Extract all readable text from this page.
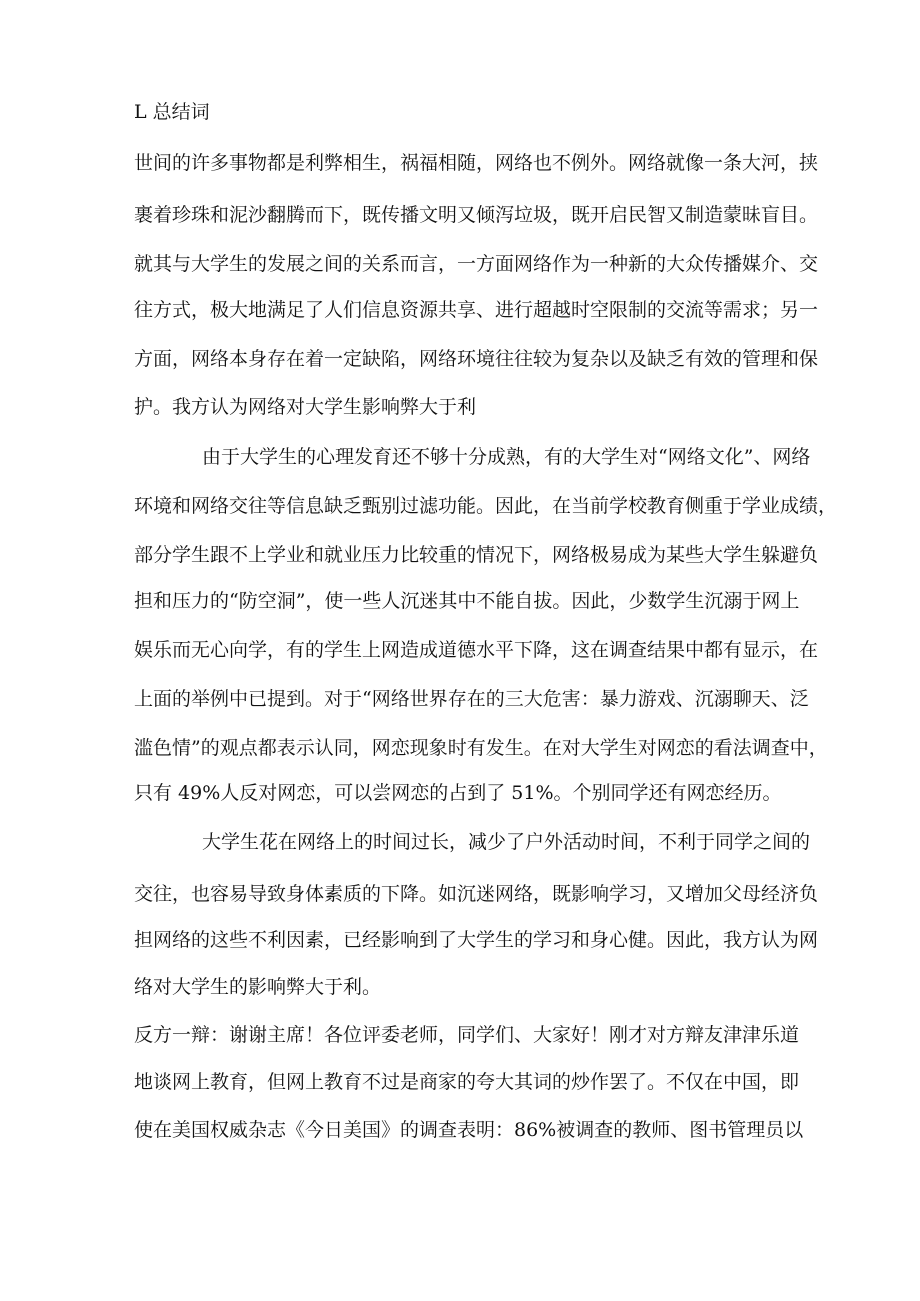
L 总结词

世间的许多事物都是利弊相生，祸福相随，网络也不例外。网络就像一条大河，挟

裹着珍珠和泥沙翻腾而下，既传播文明又倾泻垃圾，既开启民智又制造蒙昧盲目。

就其与大学生的发展之间的关系而言，一方面网络作为一种新的大众传播媒介、交

往方式，极大地满足了人们信息资源共享、进行超越时空限制的交流等需求；另一

方面，网络本身存在着一定缺陷，网络环境往往较为复杂以及缺乏有效的管理和保

护。我方认为网络对大学生影响弊大于利

由于大学生的心理发育还不够十分成熟，有的大学生对“网络文化”、网络

环境和网络交往等信息缺乏甄别过滤功能。因此，在当前学校教育侧重于学业成绩，

部分学生跟不上学业和就业压力比较重的情况下，网络极易成为某些大学生躲避负

担和压力的“防空洞”，使一些人沉迷其中不能自拔。因此，少数学生沉溺于网上

娱乐而无心向学，有的学生上网造成道德水平下降，这在调查结果中都有显示，在

上面的举例中已提到。对于“网络世界存在的三大危害：暴力游戏、沉溺聊天、泛

滥色情”的观点都表示认同，网恋现象时有发生。在对大学生对网恋的看法调查中，

只有 49%人反对网恋，可以尝网恋的占到了 51%。个别同学还有网恋经历。

大学生花在网络上的时间过长，减少了户外活动时间，不利于同学之间的

交往，也容易导致身体素质的下降。如沉迷网络，既影响学习，又增加父母经济负

担网络的这些不利因素，已经影响到了大学生的学习和身心健。因此，我方认为网

络对大学生的影响弊大于利。

反方一辩：谢谢主席！各位评委老师，同学们、大家好！刚才对方辩友津津乐道

地谈网上教育，但网上教育不过是商家的夸大其词的炒作罢了。不仅在中国，即

使在美国权威杂志《今日美国》的调查表明：86%被调查的教师、图书管理员以
